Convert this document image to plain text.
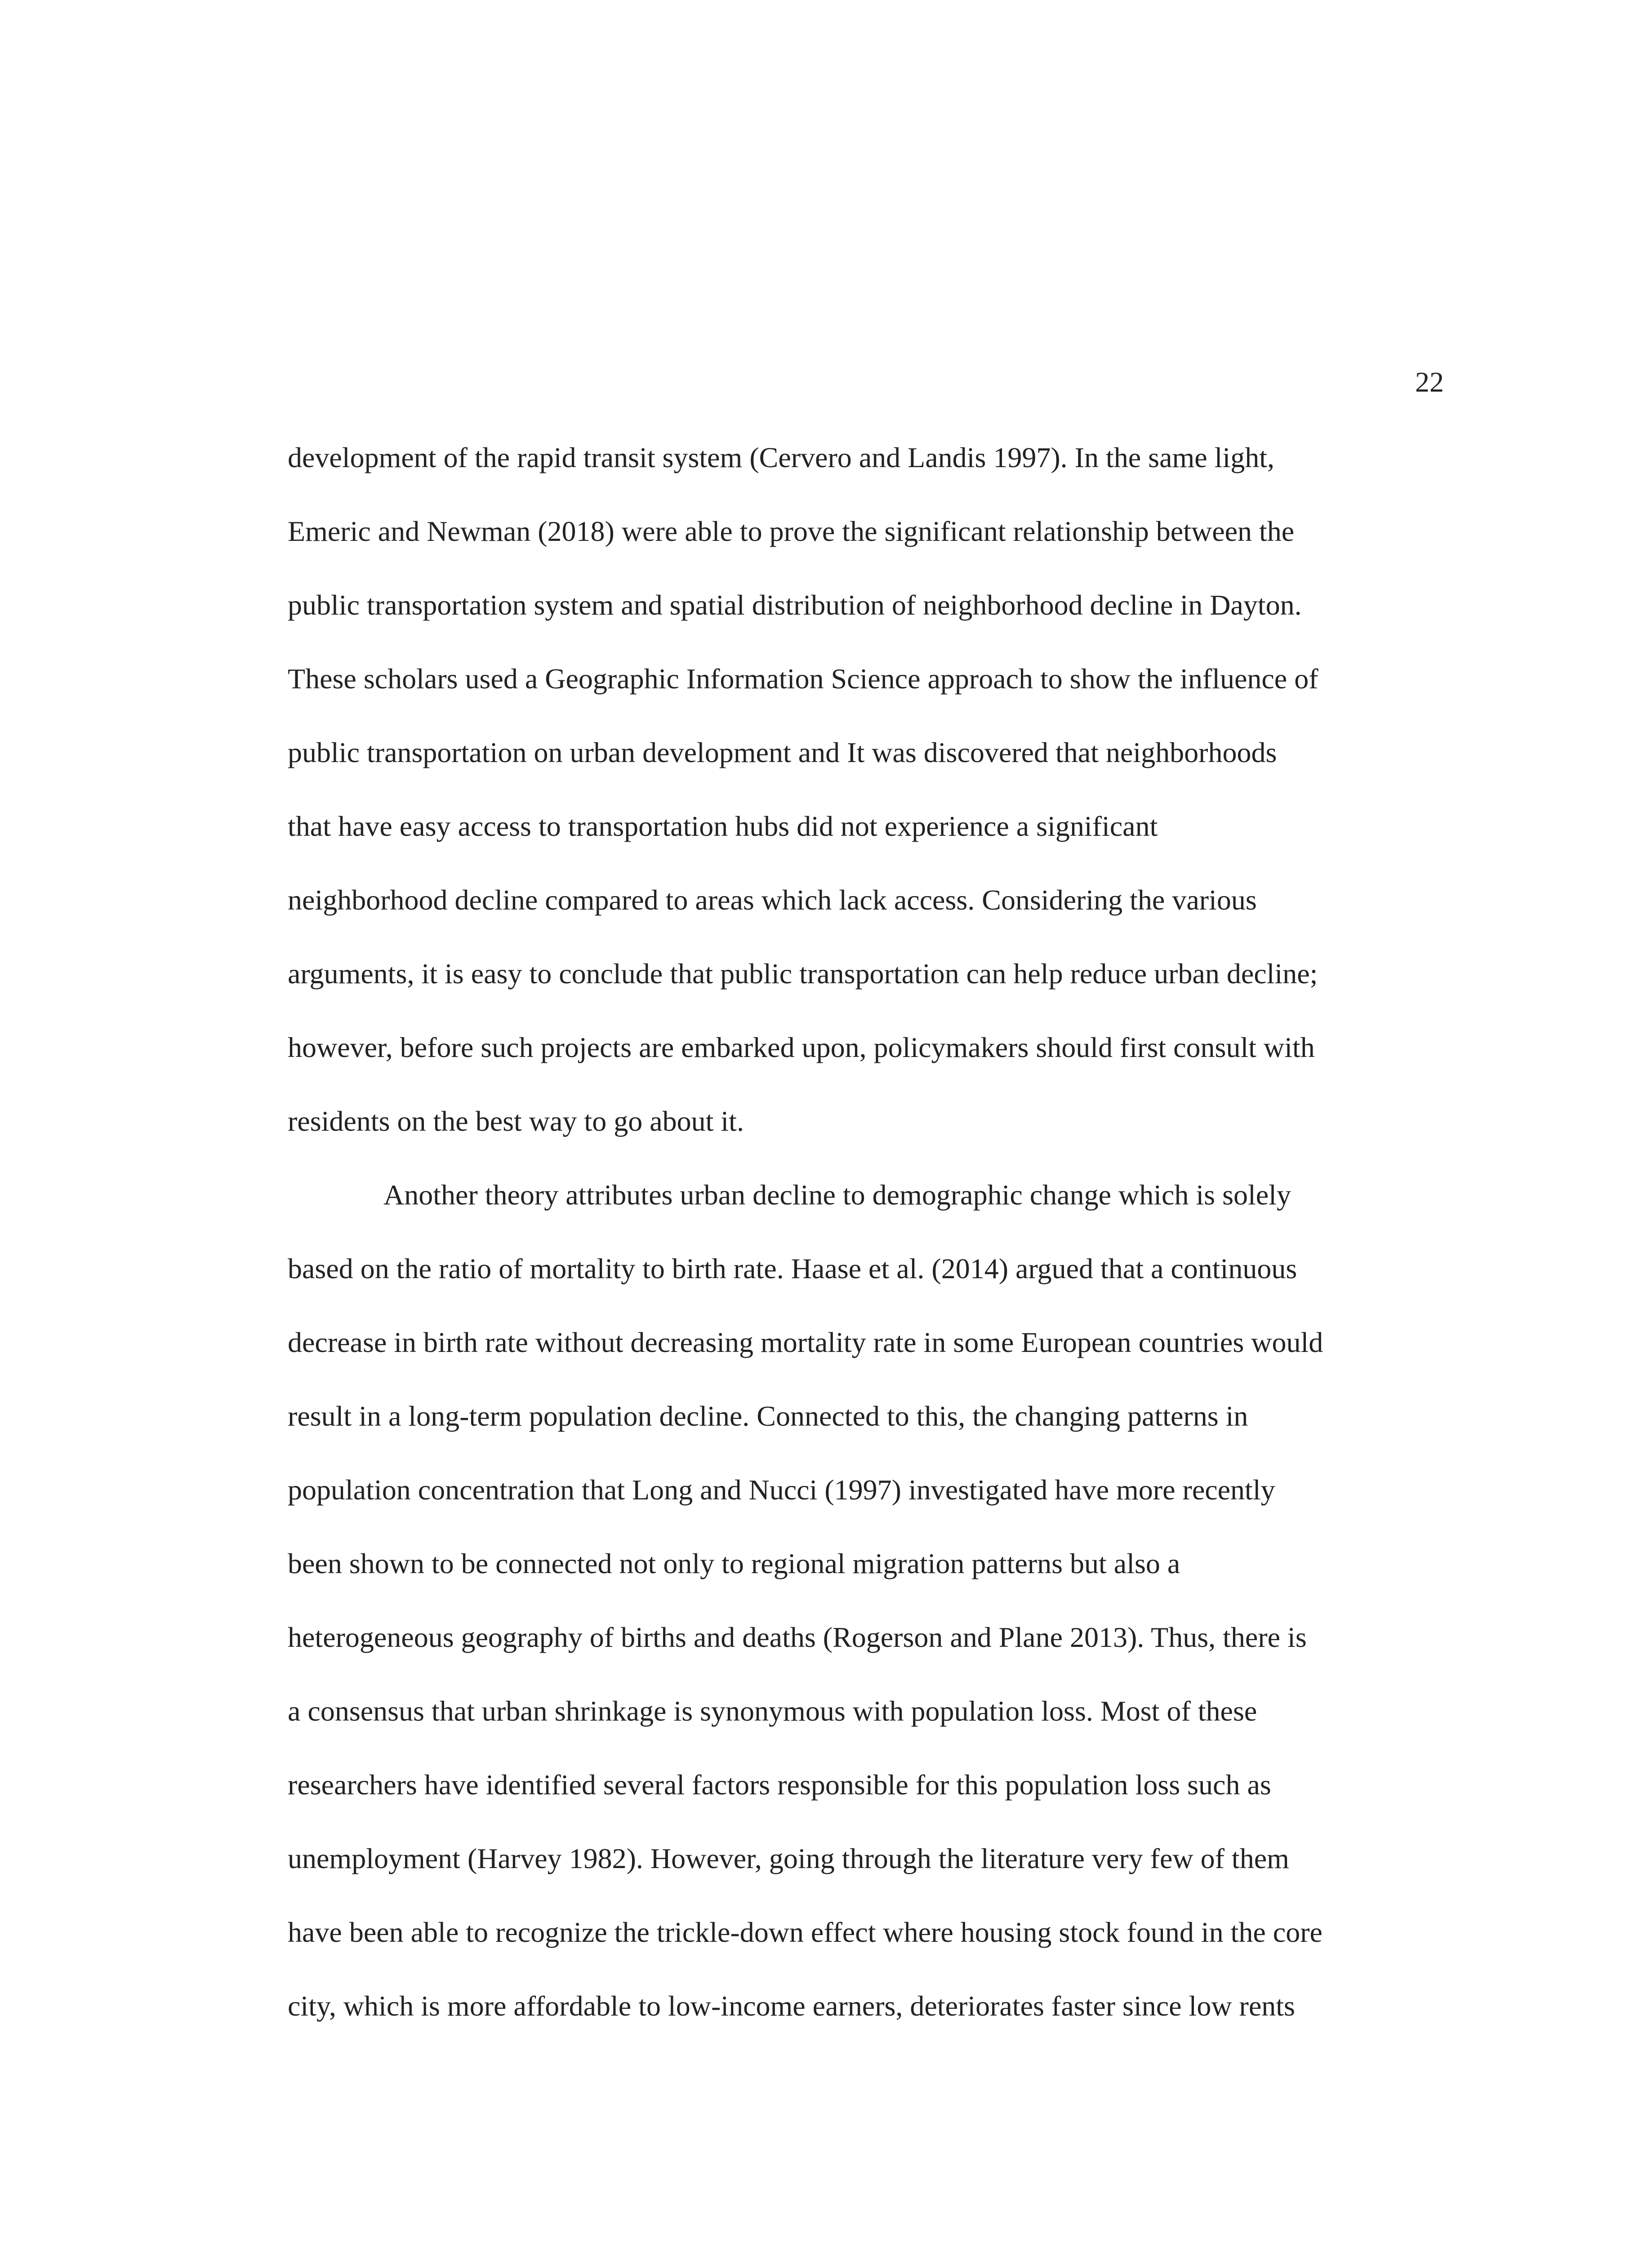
22
development of the rapid transit system (Cervero and Landis 1997). In the same light,
Emeric and Newman (2018) were able to prove the significant relationship between the
public transportation system and spatial distribution of neighborhood decline in Dayton.
These scholars used a Geographic Information Science approach to show the influence of
public transportation on urban development and It was discovered that neighborhoods
that have easy access to transportation hubs did not experience a significant
neighborhood decline compared to areas which lack access. Considering the various
arguments, it is easy to conclude that public transportation can help reduce urban decline;
however, before such projects are embarked upon, policymakers should first consult with
residents on the best way to go about it.
Another theory attributes urban decline to demographic change which is solely
based on the ratio of mortality to birth rate. Haase et al. (2014) argued that a continuous
decrease in birth rate without decreasing mortality rate in some European countries would
result in a long-term population decline. Connected to this, the changing patterns in
population concentration that Long and Nucci (1997) investigated have more recently
been shown to be connected not only to regional migration patterns but also a
heterogeneous geography of births and deaths (Rogerson and Plane 2013). Thus, there is
a consensus that urban shrinkage is synonymous with population loss. Most of these
researchers have identified several factors responsible for this population loss such as
unemployment (Harvey 1982). However, going through the literature very few of them
have been able to recognize the trickle-down effect where housing stock found in the core
city, which is more affordable to low-income earners, deteriorates faster since low rents
